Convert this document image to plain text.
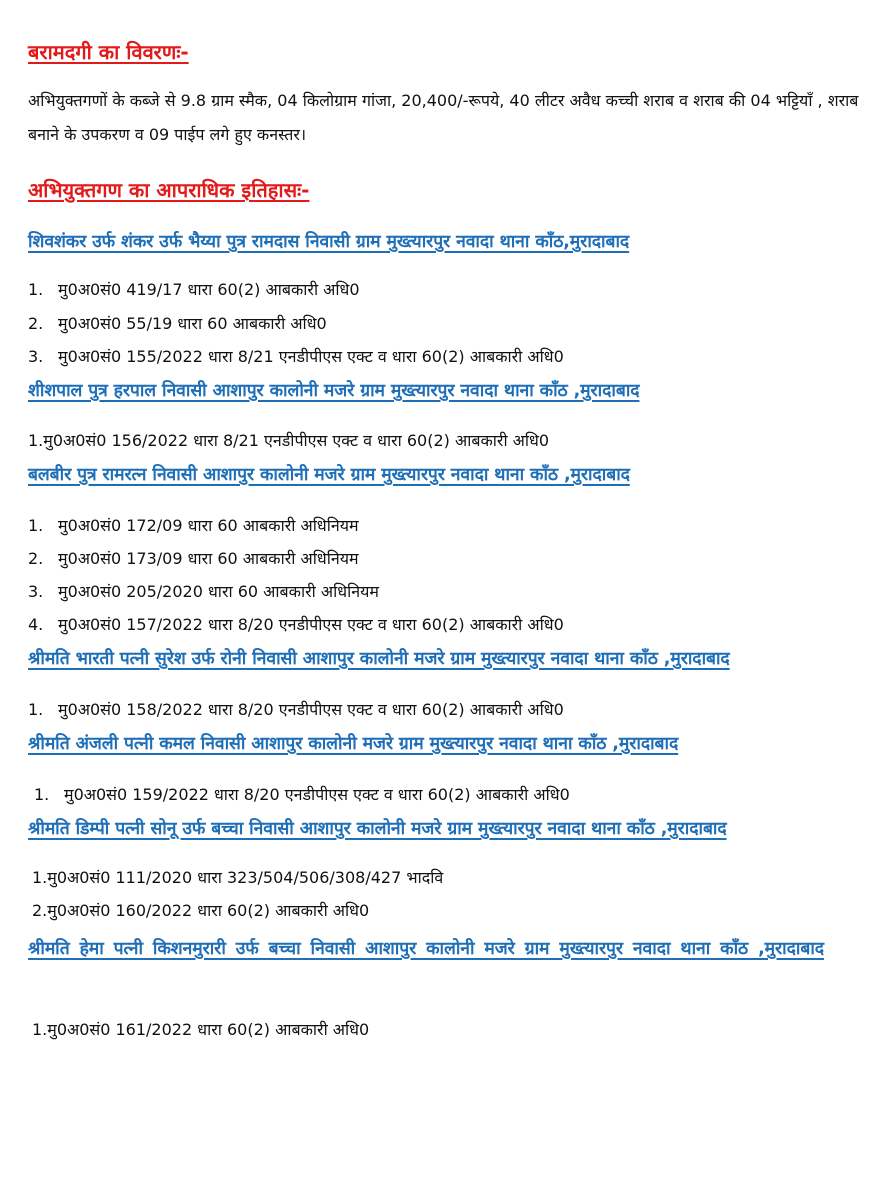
बरामदगी का विवरणः-
अभियुक्तगणों के कब्जे से 9.8 ग्राम स्मैक, 04 किलोग्राम गांजा, 20,400/-रूपये, 40 लीटर अवैध कच्ची शराब व शराब की 04 भट्टियाँ , शराब बनाने के उपकरण व 09 पाईप लगे हुए कनस्तर।
अभियुक्तगण का आपराधिक इतिहासः-
शिवशंकर उर्फ शंकर उर्फ भैय्या पुत्र रामदास निवासी ग्राम मुख्त्यारपुर नवादा थाना काँठ,मुरादाबाद
1. मु0अ0सं0 419/17 धारा 60(2) आबकारी अधि0
2. मु0अ0सं0 55/19 धारा 60 आबकारी अधि0
3. मु0अ0सं0 155/2022 धारा 8/21 एनडीपीएस एक्ट व धारा 60(2) आबकारी अधि0
शीशपाल पुत्र हरपाल निवासी आशापुर कालोनी मजरे ग्राम मुख्त्यारपुर नवादा थाना काँठ ,मुरादाबाद
1.मु0अ0सं0 156/2022 धारा 8/21 एनडीपीएस एक्ट व धारा 60(2) आबकारी अधि0
बलबीर पुत्र रामरत्न निवासी आशापुर कालोनी मजरे ग्राम मुख्त्यारपुर नवादा थाना काँठ ,मुरादाबाद
1. मु0अ0सं0 172/09 धारा 60 आबकारी अधिनियम
2. मु0अ0सं0 173/09 धारा 60 आबकारी अधिनियम
3. मु0अ0सं0 205/2020 धारा 60 आबकारी अधिनियम
4. मु0अ0सं0 157/2022 धारा 8/20 एनडीपीएस एक्ट व धारा 60(2) आबकारी अधि0
श्रीमति भारती पत्नी सुरेश उर्फ रोनी निवासी आशापुर कालोनी मजरे ग्राम मुख्त्यारपुर नवादा थाना काँठ ,मुरादाबाद
1. मु0अ0सं0 158/2022 धारा 8/20 एनडीपीएस एक्ट व धारा 60(2) आबकारी अधि0
श्रीमति अंजली पत्नी कमल निवासी आशापुर कालोनी मजरे ग्राम मुख्त्यारपुर नवादा थाना काँठ ,मुरादाबाद
1. मु0अ0सं0 159/2022 धारा 8/20 एनडीपीएस एक्ट व धारा 60(2) आबकारी अधि0
श्रीमति डिम्पी पत्नी सोनू उर्फ बच्चा निवासी आशापुर कालोनी मजरे ग्राम मुख्त्यारपुर नवादा थाना काँठ ,मुरादाबाद
1.मु0अ0सं0 111/2020 धारा 323/504/506/308/427 भादवि
2.मु0अ0सं0 160/2022 धारा 60(2) आबकारी अधि0
श्रीमति हेमा पत्नी किशनमुरारी उर्फ बच्चा निवासी आशापुर कालोनी मजरे ग्राम मुख्त्यारपुर नवादा थाना काँठ ,मुरादाबाद
1.मु0अ0सं0 161/2022 धारा 60(2) आबकारी अधि0
